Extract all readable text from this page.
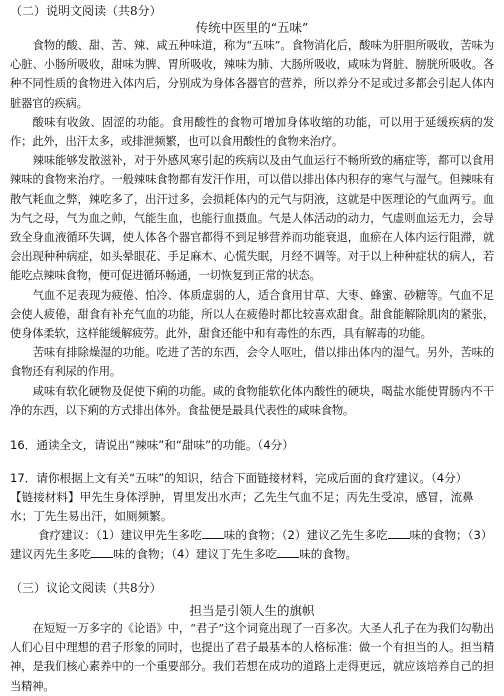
（二）说明文阅读（共8分）

传统中医里的“五味”

食物的酸、甜、苦、辣、咸五种味道，称为“五味”。食物消化后，酸味为肝胆所吸收，苦味为心脏、小肠所吸收，甜味为脾、胃所吸收，辣味为肺、大肠所吸收，咸味为肾脏、膀胱所吸收。各种不同性质的食物进入体内后，分别成为身体各器官的营养，所以养分不足或过多都会引起人体内脏器官的疾病。

酸味有收敛、固涩的功能。食用酸性的食物可增加身体收缩的功能，可以用于延缓疾病的发作；此外，出汗太多，或排泄频繁，也可以食用酸性的食物来治疗。

辣味能够发散滋补，对于外感风寒引起的疾病以及由气血运行不畅所致的痛症等，都可以食用辣味的食物来治疗。一般辣味食物都有发汗作用，可以借以排出体内积存的寒气与湿气。但辣味有散气耗血之弊，辣吃多了，出汗过多，会损耗体内的元气与阴液，这就是中医理论的气血两亏。血为气之母，气为血之帅，气能生血，也能行血摄血。气是人体活动的动力，气虚则血运无力，会导致全身血液循环失调，使人体各个器官都得不到足够营养而功能衰退，血瘀在人体内运行阻滞，就会出现种种病症，如头晕眼花、手足麻木、心慌失眠，月经不调等。对于以上种种症状的病人，若能吃点辣味食物，便可促进循环畅通，一切恢复到正常的状态。

气血不足表现为疲倦、怕冷、体质虚弱的人，适合食用甘草、大枣、蜂蜜、砂糖等。气血不足会使人疲倦，甜食有补充气血的功能，所以人在疲倦时都比较喜欢甜食。甜食能解除肌肉的紧张，使身体柔软，这样能缓解疲劳。此外，甜食还能中和有毒性的东西，具有解毒的功能。

苦味有排除燥湿的功能。吃进了苦的东西，会令人呕吐，借以排出体内的湿气。另外，苦味的食物还有利尿的作用。

咸味有软化硬物及促使下痢的功能。咸的食物能软化体内酸性的硬块，喝盐水能使胃肠内不干净的东西，以下痢的方式排出体外。食盐便是最具代表性的咸味食物。

16．通读全文，请说出“辣味”和“甜味”的功能。（4分）

17．请你根据上文有关“五味”的知识，结合下面链接材料，完成后面的食疗建议。（4分）

【链接材料】甲先生身体浮肿，胃里发出水声；乙先生气血不足；丙先生受凉，感冒，流鼻水；丁先生易出汗，如厕频繁。

食疗建议：（1）建议甲先生多吃 味的食物；（2）建议乙先生多吃 味的食物；（3）建议丙先生多吃 味的食物；（4）建议丁先生多吃 味的食物。

（三）议论文阅读（共8分）

担当是引领人生的旗帜

在短短一万多字的《论语》中，“君子”这个词竟出现了一百多次。大圣人孔子在为我们勾勒出人们心目中理想的君子形象的同时，也提出了君子最基本的人格标准：做一个有担当的人。担当精神，是我们核心素养中的一个重要部分。我们若想在成功的道路上走得更远，就应该培养自己的担当精神。
